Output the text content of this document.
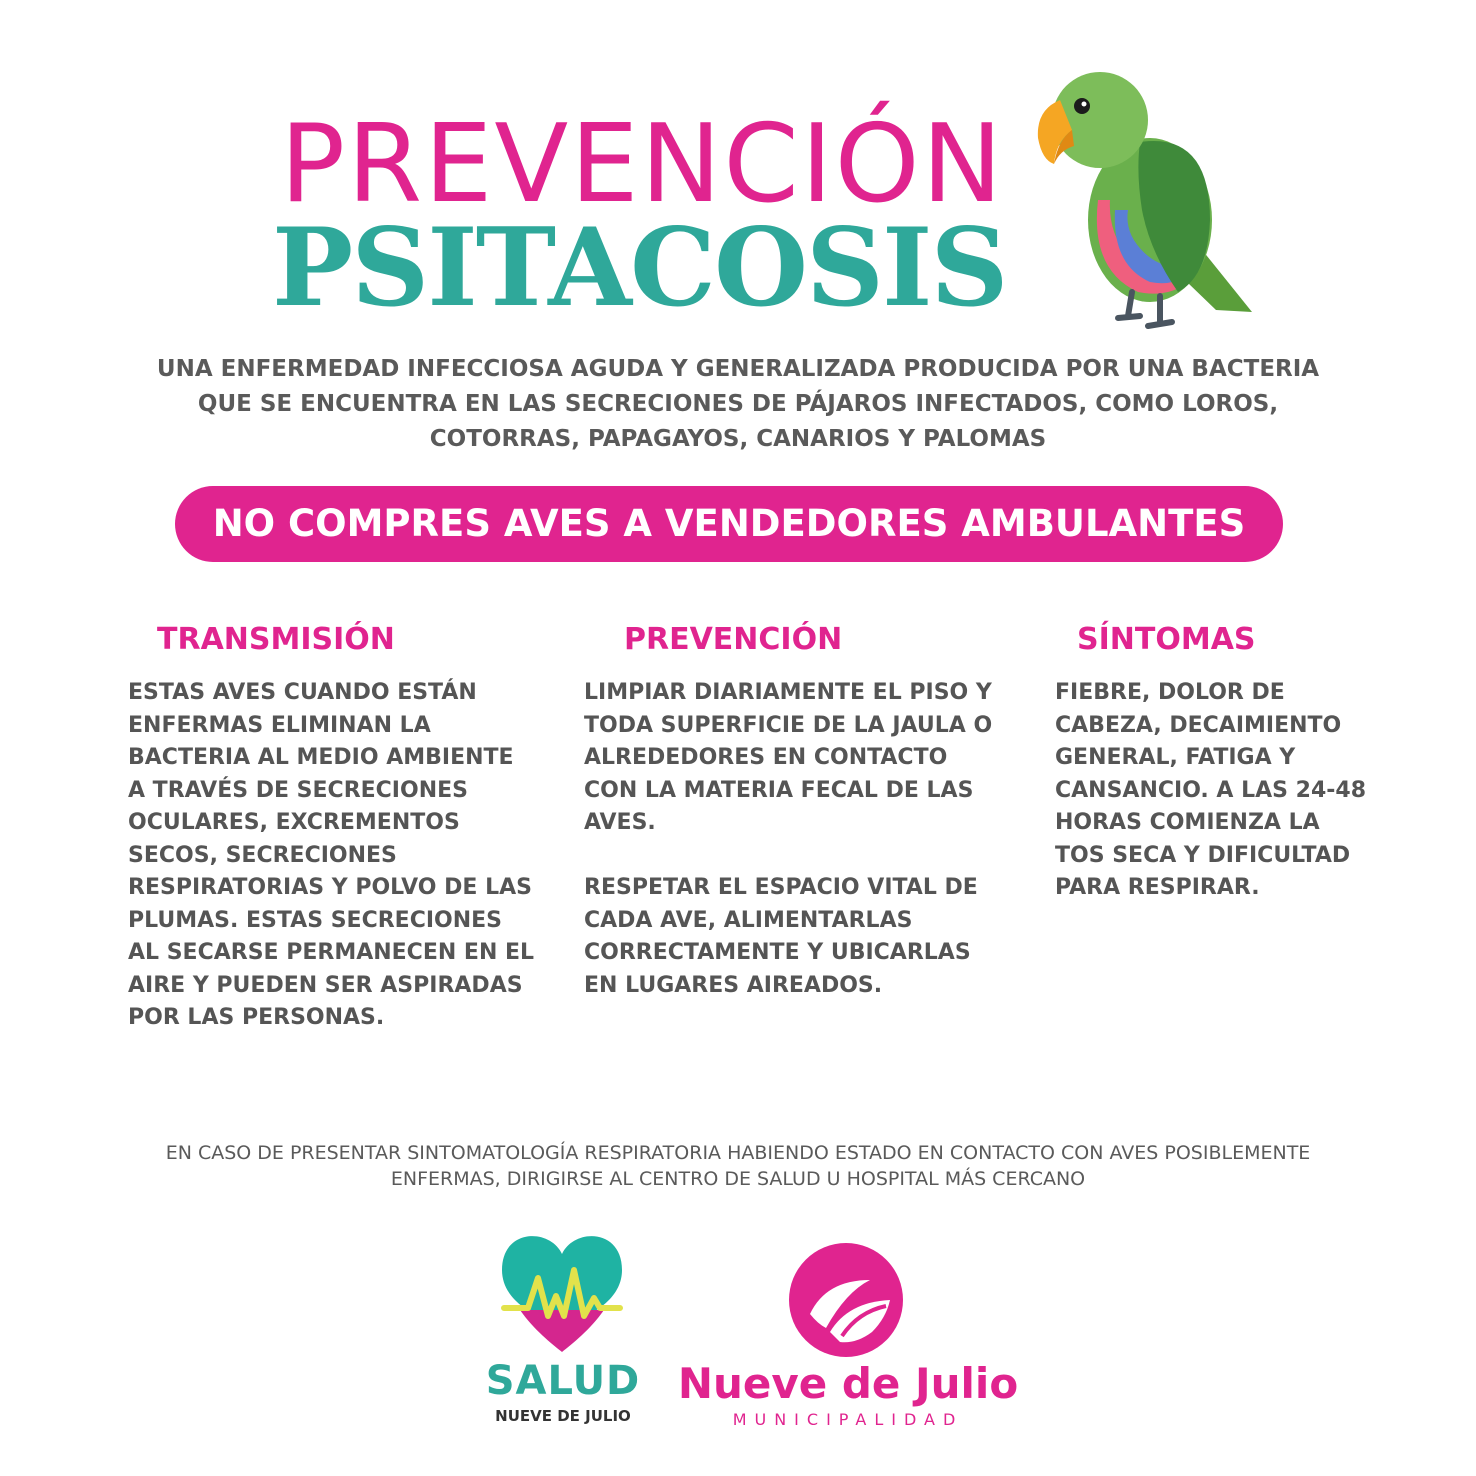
PREVENCIÓN
PSITACOSIS
UNA ENFERMEDAD INFECCIOSA AGUDA Y GENERALIZADA PRODUCIDA POR UNA BACTERIA QUE SE ENCUENTRA EN LAS SECRECIONES DE PÁJAROS INFECTADOS, COMO LOROS, COTORRAS, PAPAGAYOS, CANARIOS Y PALOMAS
NO COMPRES AVES A VENDEDORES AMBULANTES
TRANSMISIÓN

ESTAS AVES CUANDO ESTÁN ENFERMAS ELIMINAN LA BACTERIA AL MEDIO AMBIENTE A TRAVÉS DE SECRECIONES OCULARES, EXCREMENTOS SECOS, SECRECIONES RESPIRATORIAS Y POLVO DE LAS PLUMAS. ESTAS SECRECIONES AL SECARSE PERMANECEN EN EL AIRE Y PUEDEN SER ASPIRADAS POR LAS PERSONAS.

PREVENCIÓN

LIMPIAR DIARIAMENTE EL PISO Y TODA SUPERFICIE DE LA JAULA O ALREDEDORES EN CONTACTO CON LA MATERIA FECAL DE LAS AVES.

RESPETAR EL ESPACIO VITAL DE CADA AVE, ALIMENTARLAS CORRECTAMENTE Y UBICARLAS EN LUGARES AIREADOS.

SÍNTOMAS

FIEBRE, DOLOR DE CABEZA, DECAIMIENTO GENERAL, FATIGA Y CANSANCIO. A LAS 24-48 HORAS COMIENZA LA TOS SECA Y DIFICULTAD PARA RESPIRAR.

EN CASO DE PRESENTAR SINTOMATOLOGÍA RESPIRATORIA HABIENDO ESTADO EN CONTACTO CON AVES POSIBLEMENTE ENFERMAS, DIRIGIRSE AL CENTRO DE SALUD U HOSPITAL MÁS CERCANO
SALUD
NUEVE DE JULIO
Nueve de Julio
MUNICIPALIDAD
